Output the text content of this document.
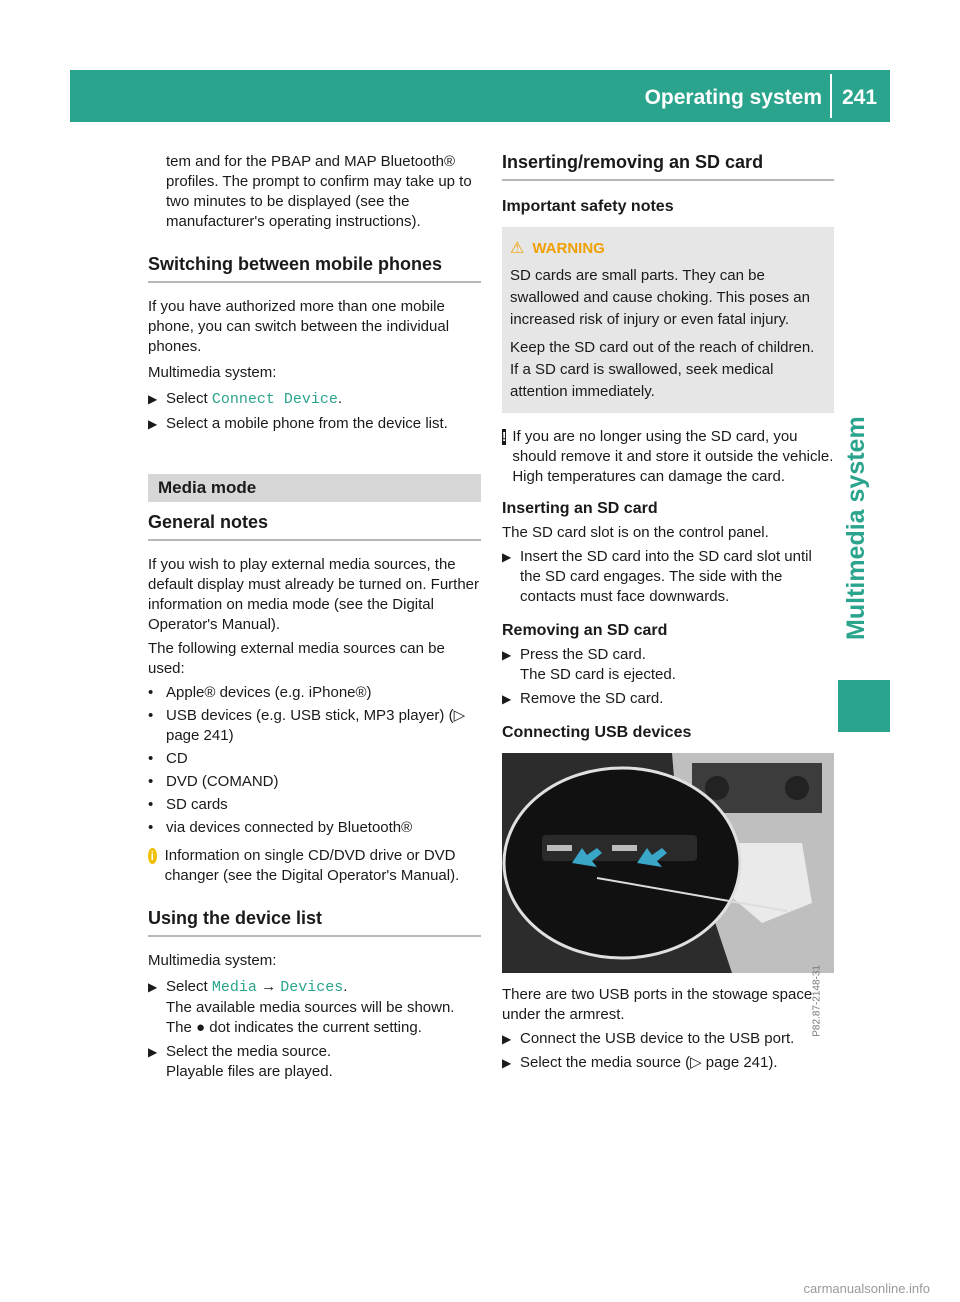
Operating system 241
Multimedia system

tem and for the PBAP and MAP Bluetooth® profiles. The prompt to confirm may take up to two minutes to be displayed (see the manufacturer's operating instructions).

Switching between mobile phones

If you have authorized more than one mobile phone, you can switch between the individual phones.

Multimedia system:

▶ Select Connect Device.
▶ Select a mobile phone from the device list.
Media mode
General notes

If you wish to play external media sources, the default display must already be turned on. Further information on media mode (see the Digital Operator's Manual).

The following external media sources can be used:

• Apple® devices (e.g. iPhone®)
• USB devices (e.g. USB stick, MP3 player) (▷ page 241)
• CD
• DVD (COMAND)
• SD cards
• via devices connected by Bluetooth®
i Information on single CD/DVD drive or DVD changer (see the Digital Operator's Manual).
Using the device list

Multimedia system:

▶ Select Media → Devices.
The available media sources will be shown. The ● dot indicates the current setting.
▶ Select the media source.
Playable files are played.
Inserting/removing an SD card
Important safety notes
⚠ WARNING

SD cards are small parts. They can be swallowed and cause choking. This poses an increased risk of injury or even fatal injury.

Keep the SD card out of the reach of children. If a SD card is swallowed, seek medical attention immediately.

! If you are no longer using the SD card, you should remove it and store it outside the vehicle. High temperatures can damage the card.
Inserting an SD card

The SD card slot is on the control panel.

▶ Insert the SD card into the SD card slot until the SD card engages. The side with the contacts must face downwards.
Removing an SD card
▶ Press the SD card.
The SD card is ejected.
▶ Remove the SD card.
Connecting USB devices
P82.87-2148-31

There are two USB ports in the stowage space under the armrest.

▶ Connect the USB device to the USB port.
▶ Select the media source (▷ page 241).
carmanualsonline.info
